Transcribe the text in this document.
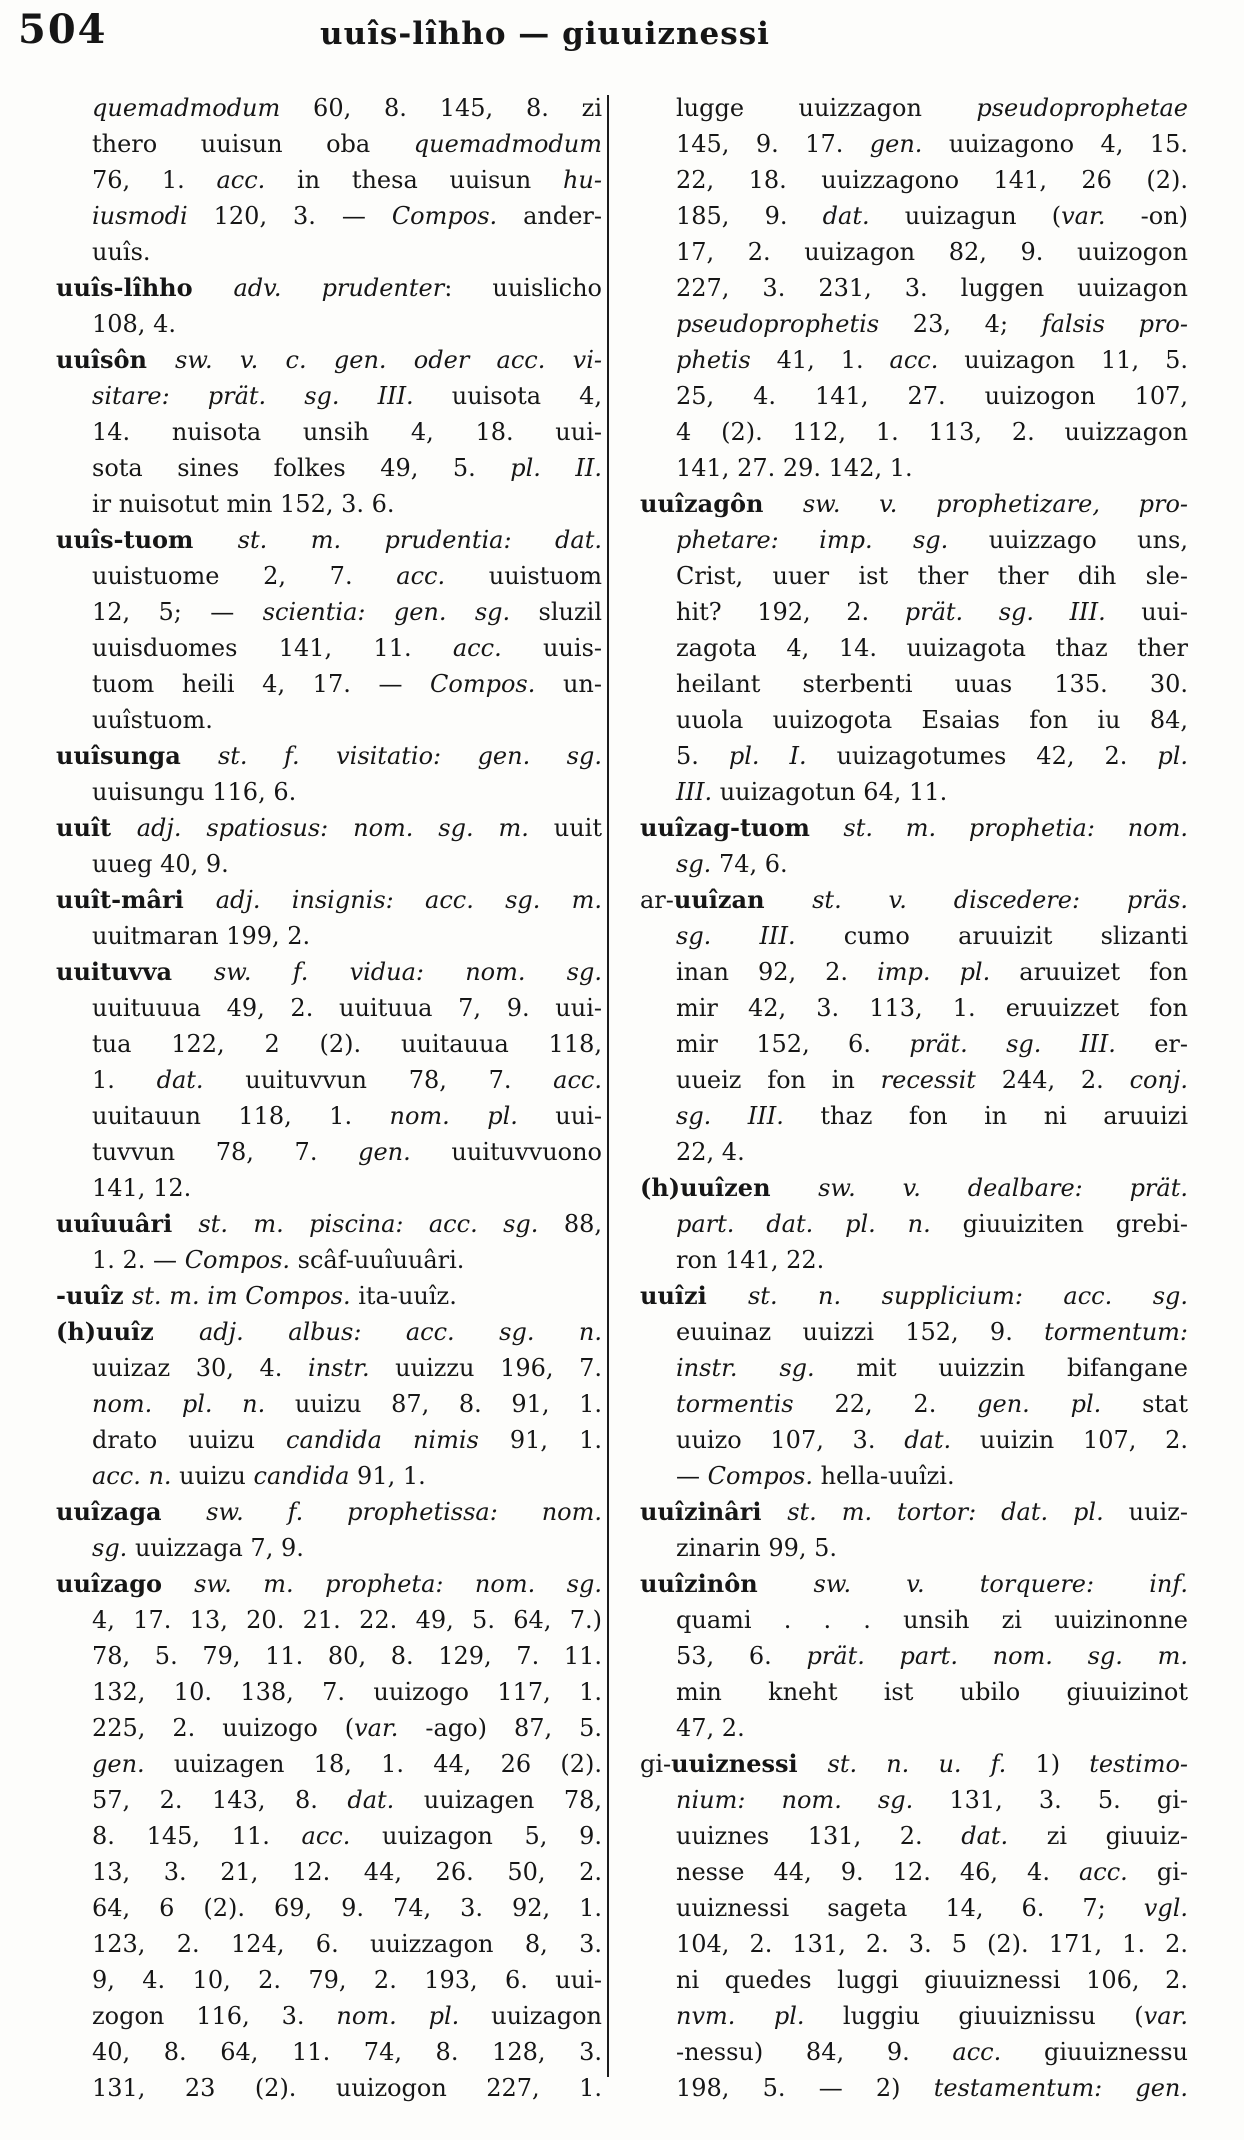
504	uuîs-lîhho — giuuiznessi
quemadmodum 60, 8. 145, 8. zi
thero uuisun oba quemadmodum
76, 1. acc. in thesa uuisun hu-
iusmodi 120, 3. — Compos. ander-
uuîs.
uuîs-lîhho adv. prudenter: uuislicho
108, 4.
uuîsôn sw. v. c. gen. oder acc. vi-
sitare: prät. sg. III. uuisota 4,
14. nuisota unsih 4, 18. uui-
sota sines folkes 49, 5. pl. II.
ir nuisotut min 152, 3. 6.
uuîs-tuom st. m. prudentia: dat.
uuistuome 2, 7. acc. uuistuom
12, 5; — scientia: gen. sg. sluzil
uuisduomes 141, 11. acc. uuis-
tuom heili 4, 17. — Compos. un-
uuîstuom.
uuîsunga st. f. visitatio: gen. sg.
uuisungu 116, 6.
uuît adj. spatiosus: nom. sg. m. uuit
uueg 40, 9.
uuît-mâri adj. insignis: acc. sg. m.
uuitmaran 199, 2.
uuituvva sw. f. vidua: nom. sg.
uuituuua 49, 2. uuituua 7, 9. uui-
tua 122, 2 (2). uuitauua 118,
1. dat. uuituvvun 78, 7. acc.
uuitauun 118, 1. nom. pl. uui-
tuvvun 78, 7. gen. uuituvvuono
141, 12.
uuîuuâri st. m. piscina: acc. sg. 88,
1. 2. — Compos. scâf-uuîuuâri.
-uuîz st. m. im Compos. ita-uuîz.
(h)uuîz adj. albus: acc. sg. n.
uuizaz 30, 4. instr. uuizzu 196, 7.
nom. pl. n. uuizu 87, 8. 91, 1.
drato uuizu candida nimis 91, 1.
acc. n. uuizu candida 91, 1.
uuîzaga sw. f. prophetissa: nom.
sg. uuizzaga 7, 9.
uuîzago sw. m. propheta: nom. sg.
4, 17. 13, 20. 21. 22. 49, 5. 64, 7.)
78, 5. 79, 11. 80, 8. 129, 7. 11.
132, 10. 138, 7. uuizogo 117, 1.
225, 2. uuizogo (var. -ago) 87, 5.
gen. uuizagen 18, 1. 44, 26 (2).
57, 2. 143, 8. dat. uuizagen 78,
8. 145, 11. acc. uuizagon 5, 9.
13, 3. 21, 12. 44, 26. 50, 2.
64, 6 (2). 69, 9. 74, 3. 92, 1.
123, 2. 124, 6. uuizzagon 8, 3.
9, 4. 10, 2. 79, 2. 193, 6. uui-
zogon 116, 3. nom. pl. uuizagon
40, 8. 64, 11. 74, 8. 128, 3.
131, 23 (2). uuizogon 227, 1.
lugge uuizzagon pseudoprophetae
145, 9. 17. gen. uuizagono 4, 15.
22, 18. uuizzagono 141, 26 (2).
185, 9. dat. uuizagun (var. -on)
17, 2. uuizagon 82, 9. uuizogon
227, 3. 231, 3. luggen uuizagon
pseudoprophetis 23, 4; falsis pro-
phetis 41, 1. acc. uuizagon 11, 5.
25, 4. 141, 27. uuizogon 107,
4 (2). 112, 1. 113, 2. uuizzagon
141, 27. 29. 142, 1.
uuîzagôn sw. v. prophetizare, pro-
phetare: imp. sg. uuizzago uns,
Crist, uuer ist ther ther dih sle-
hit? 192, 2. prät. sg. III. uui-
zagota 4, 14. uuizagota thaz ther
heilant sterbenti uuas 135. 30.
uuola uuizogota Esaias fon iu 84,
5. pl. I. uuizagotumes 42, 2. pl.
III. uuizagotun 64, 11.
uuîzag-tuom st. m. prophetia: nom.
sg. 74, 6.
ar-uuîzan st. v. discedere: präs.
sg. III. cumo aruuizit slizanti
inan 92, 2. imp. pl. aruuizet fon
mir 42, 3. 113, 1. eruuizzet fon
mir 152, 6. prät. sg. III. er-
uueiz fon in recessit 244, 2. conj.
sg. III. thaz fon in ni aruuizi
22, 4.
(h)uuîzen sw. v. dealbare: prät.
part. dat. pl. n. giuuiziten grebi-
ron 141, 22.
uuîzi st. n. supplicium: acc. sg.
euuinaz uuizzi 152, 9. tormentum:
instr. sg. mit uuizzin bifangane
tormentis 22, 2. gen. pl. stat
uuizo 107, 3. dat. uuizin 107, 2.
— Compos. hella-uuîzi.
uuîzinâri st. m. tortor: dat. pl. uuiz-
zinarin 99, 5.
uuîzinôn sw. v. torquere: inf.
quami . . . unsih zi uuizinonne
53, 6. prät. part. nom. sg. m.
min kneht ist ubilo giuuizinot
47, 2.
gi-uuiznessi st. n. u. f. 1) testimo-
nium: nom. sg. 131, 3. 5. gi-
uuiznes 131, 2. dat. zi giuuiz-
nesse 44, 9. 12. 46, 4. acc. gi-
uuiznessi sageta 14, 6. 7; vgl.
104, 2. 131, 2. 3. 5 (2). 171, 1. 2.
ni quedes luggi giuuiznessi 106, 2.
nvm. pl. luggiu giuuiznissu (var.
-nessu) 84, 9. acc. giuuiznessu
198, 5. — 2) testamentum: gen.
